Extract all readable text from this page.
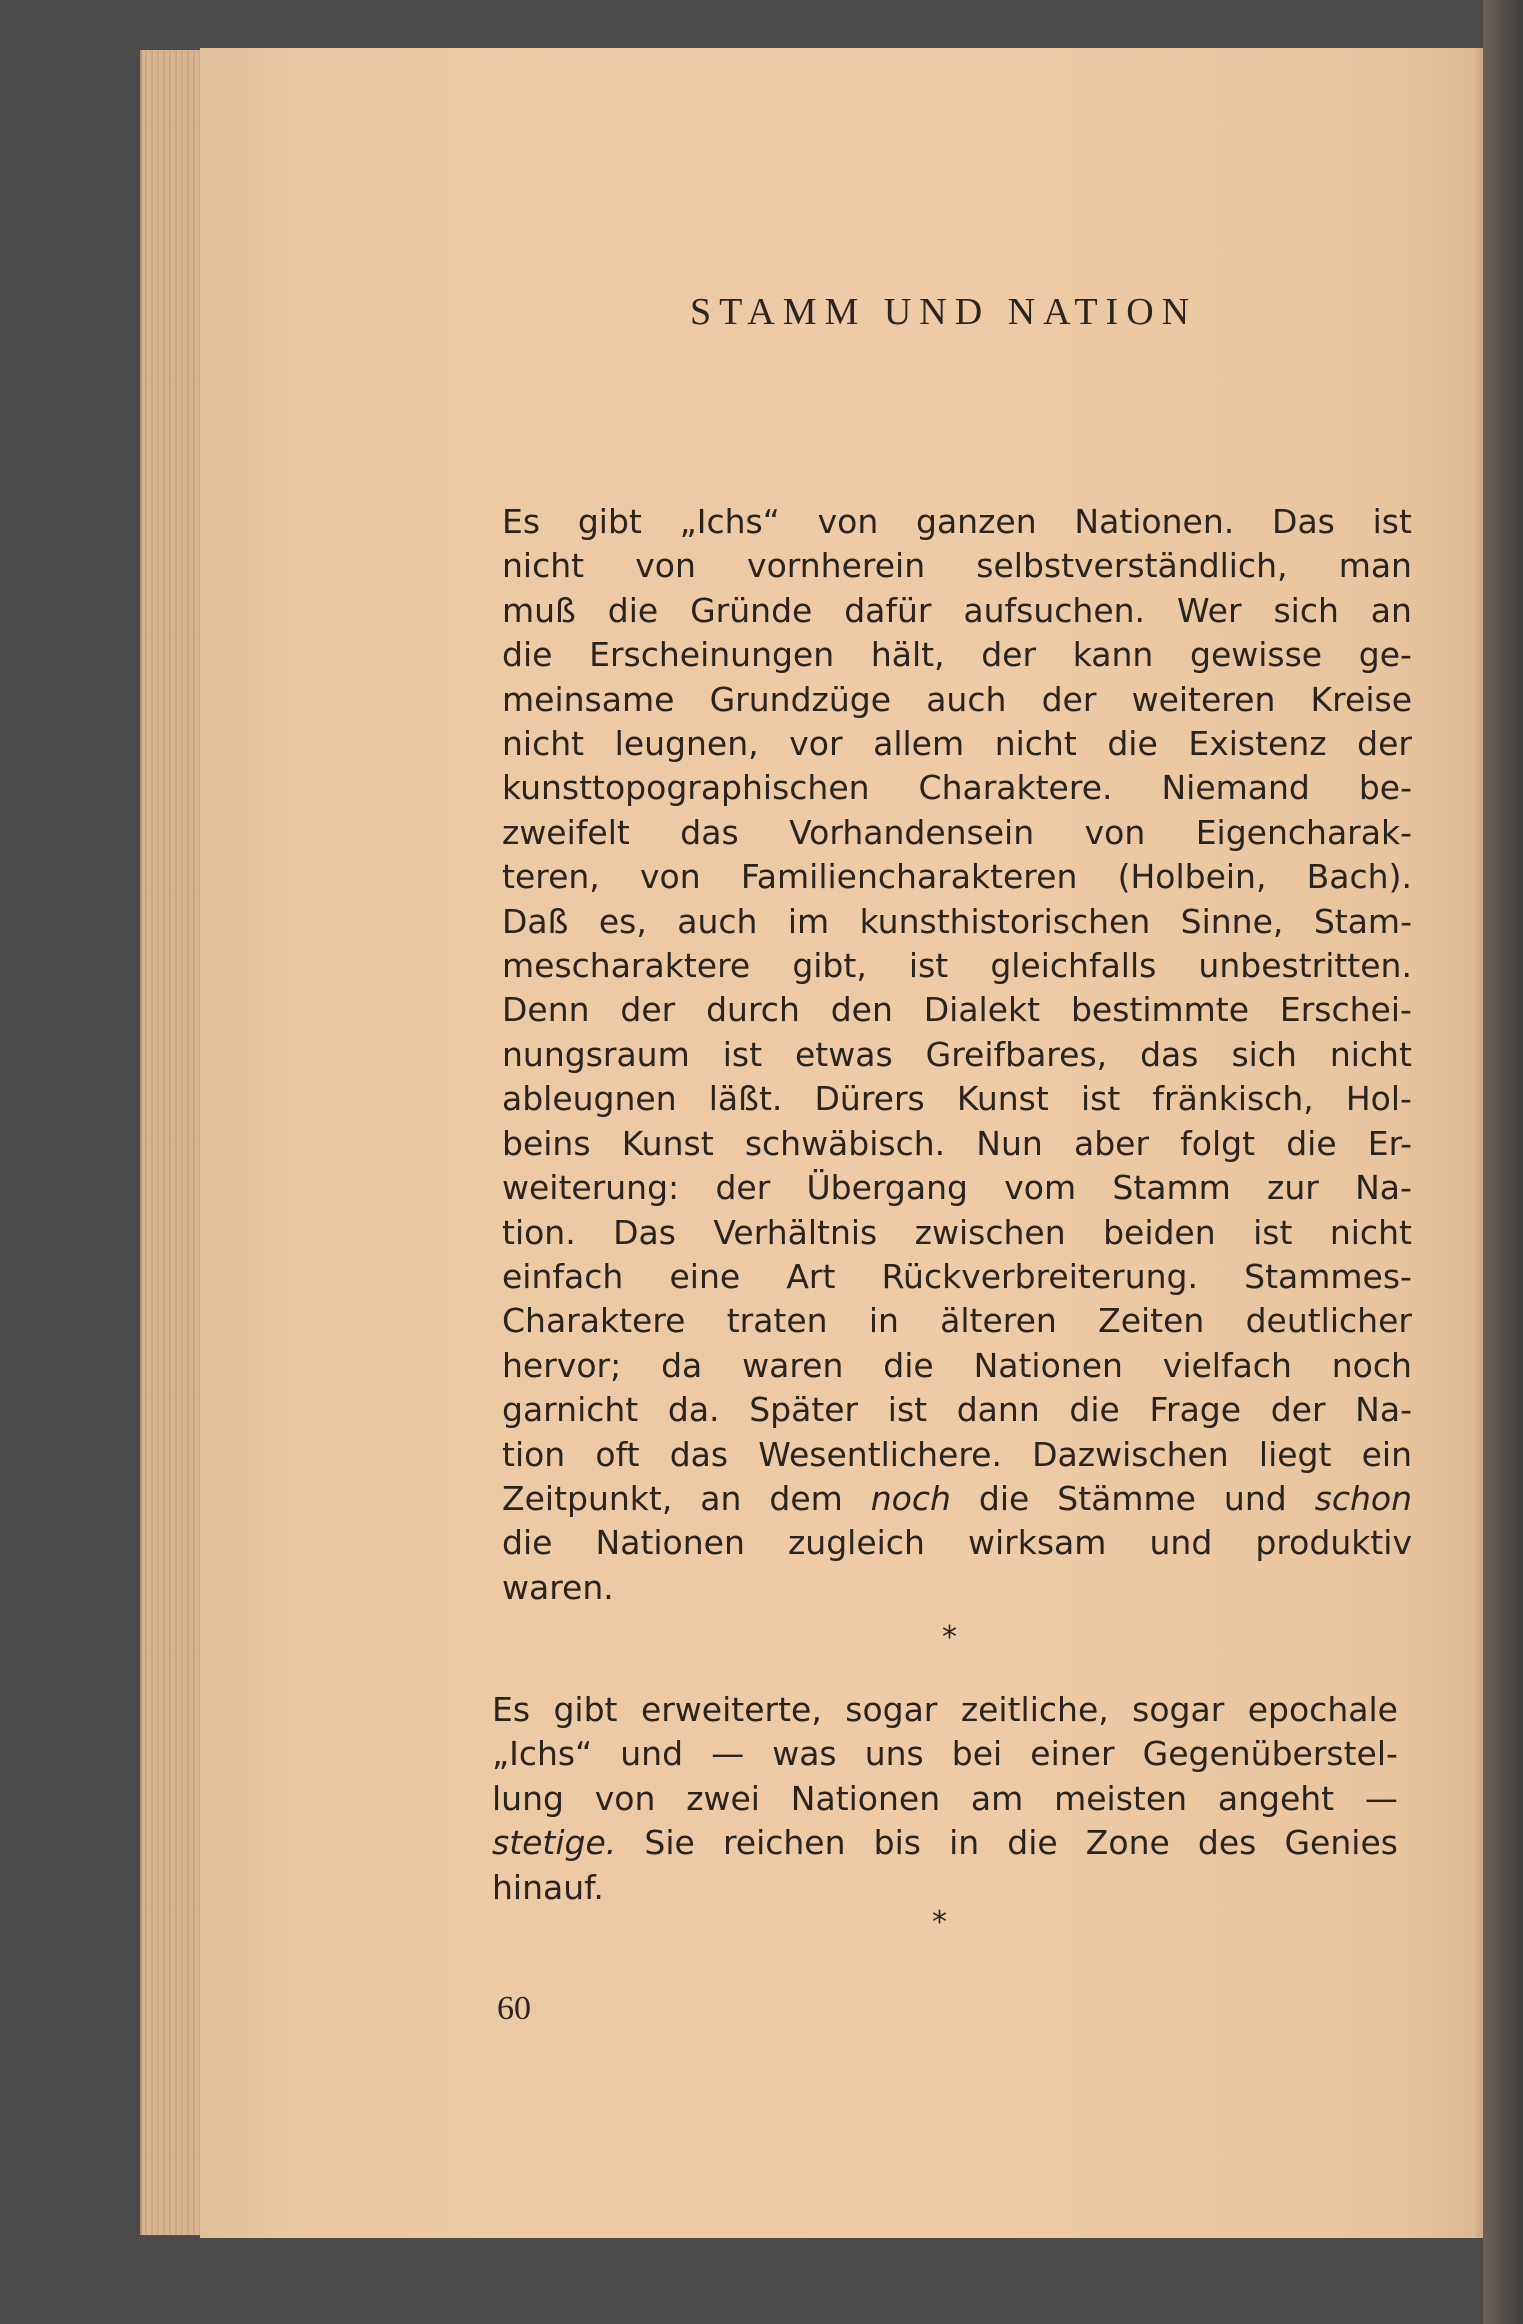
STAMM UND NATION
Es gibt „Ichs“ von ganzen Nationen. Das ist
nicht von vornherein selbstverständlich, man
muß die Gründe dafür aufsuchen. Wer sich an
die Erscheinungen hält, der kann gewisse ge-
meinsame Grundzüge auch der weiteren Kreise
nicht leugnen, vor allem nicht die Existenz der
kunsttopographischen Charaktere. Niemand be-
zweifelt das Vorhandensein von Eigencharak-
teren, von Familiencharakteren (Holbein, Bach).
Daß es, auch im kunsthistorischen Sinne, Stam-
mescharaktere gibt, ist gleichfalls unbestritten.
Denn der durch den Dialekt bestimmte Erschei-
nungsraum ist etwas Greifbares, das sich nicht
ableugnen läßt. Dürers Kunst ist fränkisch, Hol-
beins Kunst schwäbisch. Nun aber folgt die Er-
weiterung: der Übergang vom Stamm zur Na-
tion. Das Verhältnis zwischen beiden ist nicht
einfach eine Art Rückverbreiterung. Stammes-
Charaktere traten in älteren Zeiten deutlicher
hervor; da waren die Nationen vielfach noch
garnicht da. Später ist dann die Frage der Na-
tion oft das Wesentlichere. Dazwischen liegt ein
Zeitpunkt, an dem noch die Stämme und schon
die Nationen zugleich wirksam und produktiv
waren.
*
Es gibt erweiterte, sogar zeitliche, sogar epochale
„Ichs“ und — was uns bei einer Gegenüberstel-
lung von zwei Nationen am meisten angeht —
stetige. Sie reichen bis in die Zone des Genies
hinauf.
*
60
